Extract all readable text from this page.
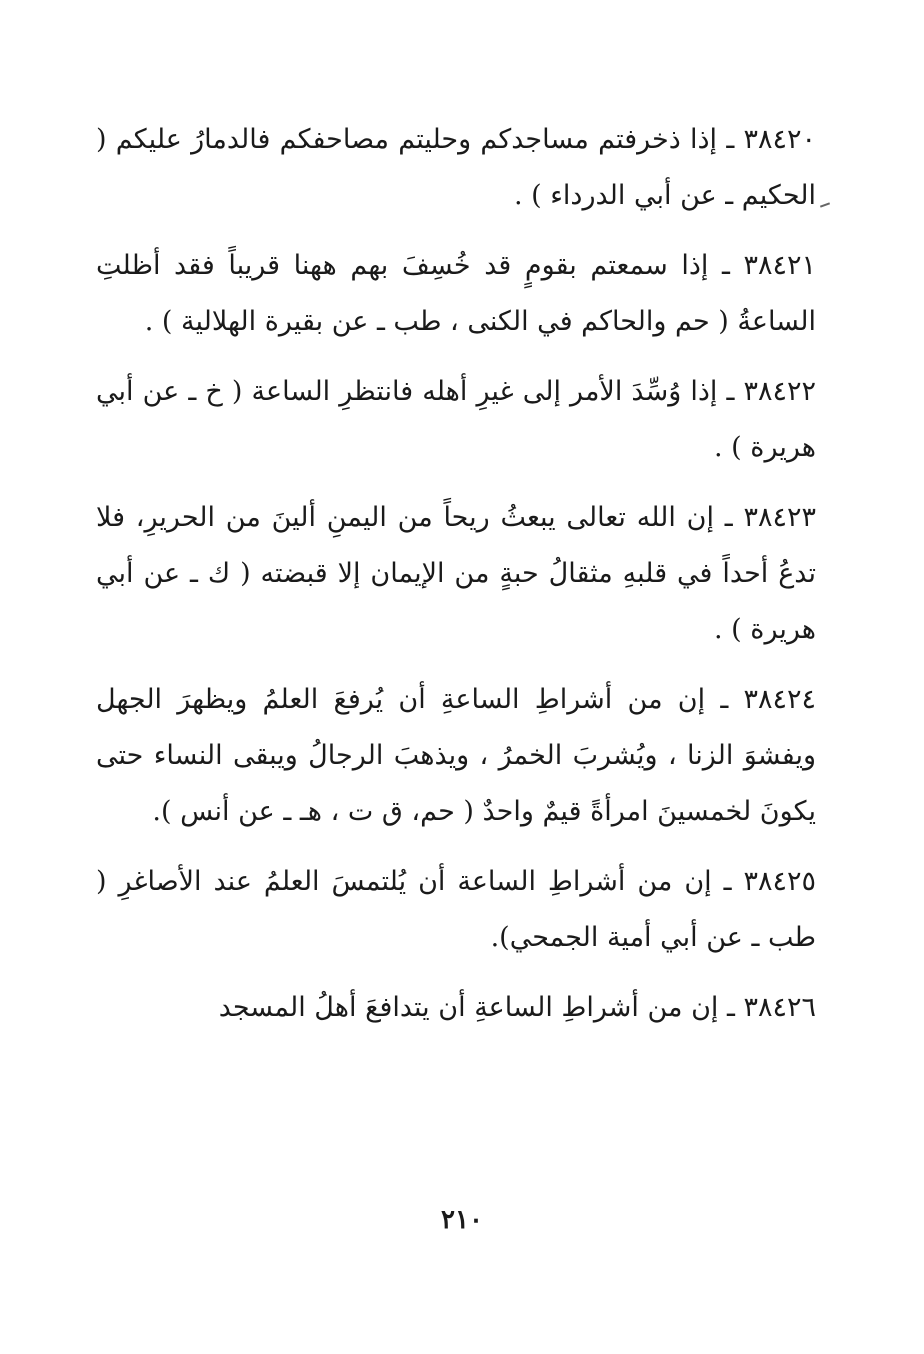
٣٨٤٢٠ ـ إذا ذخرفتم مساجدكم وحليتم مصاحفكم فالدمارُ عليكم ( الحكيم ـ عن أبي الدرداء ) .

٣٨٤٢١ ـ إذا سمعتم بقومٍ قد خُسِفَ بهم ههنا قريباً فقد أظلتِ الساعةُ ( حم والحاكم في الكنى ، طب ـ عن بقيرة الهلالية ) .

٣٨٤٢٢ ـ إذا وُسِّدَ الأمر إلى غيرِ أهله فانتظرِ الساعة ( خ ـ عن أبي هريرة ) .

٣٨٤٢٣ ـ إن الله تعالى يبعثُ ريحاً من اليمنِ ألينَ من الحريرِ، فلا تدعُ أحداً في قلبهِ مثقالُ حبةٍ من الإيمان إلا قبضته ( ك ـ عن أبي هريرة ) .

٣٨٤٢٤ ـ إن من أشراطِ الساعةِ أن يُرفعَ العلمُ ويظهرَ الجهل ويفشوَ الزنا ، ويُشربَ الخمرُ ، ويذهبَ الرجالُ ويبقى النساء حتى يكونَ لخمسينَ امرأةً قيمٌ واحدٌ ( حم، ق ت ، هـ ـ عن أنس ).

٣٨٤٢٥ ـ إن من أشراطِ الساعة أن يُلتمسَ العلمُ عند الأصاغرِ ( طب ـ عن أبي أمية الجمحي).

٣٨٤٢٦ ـ إن من أشراطِ الساعةِ أن يتدافعَ أهلُ المسجد

٢١٠
